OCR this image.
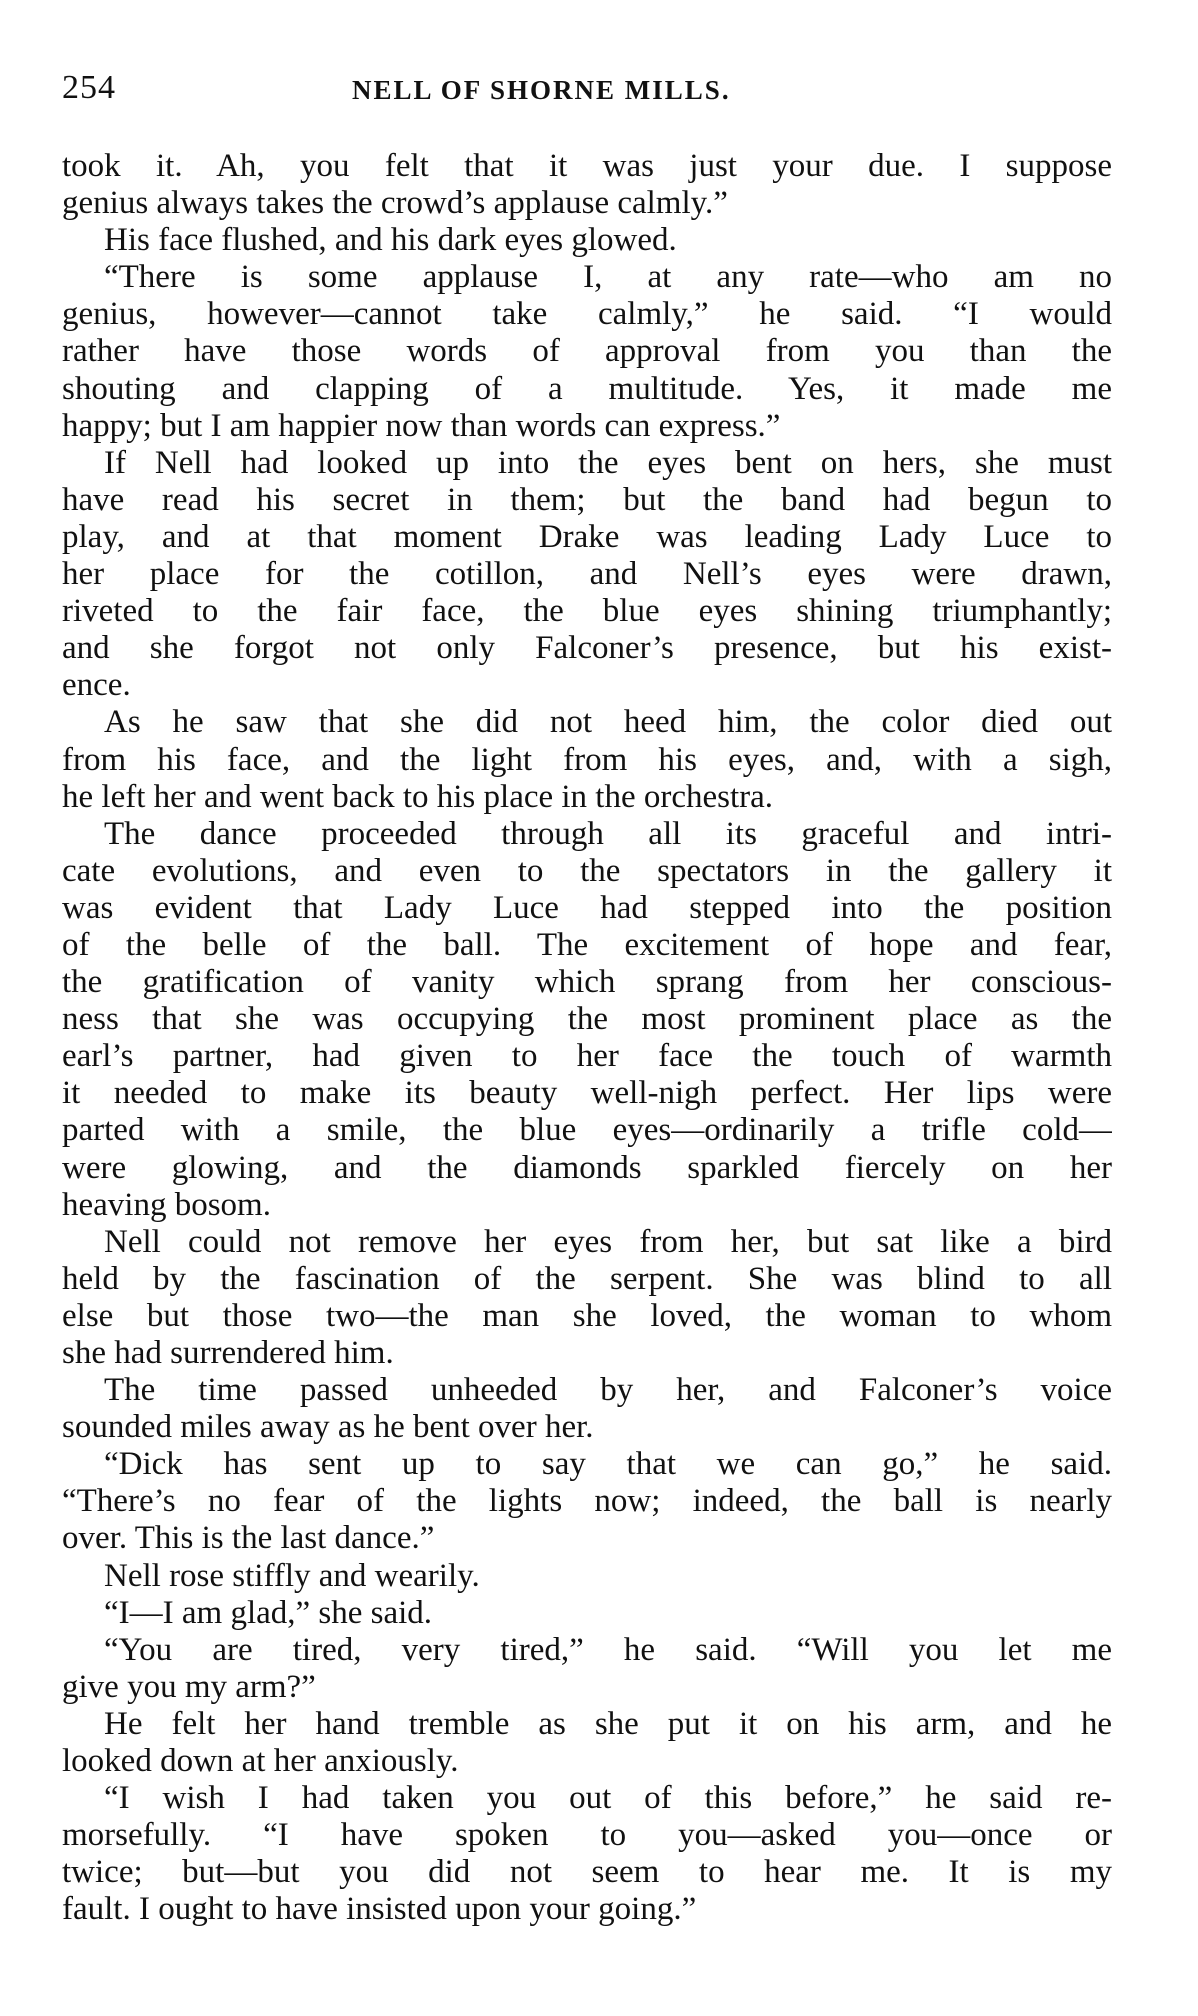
254	NELL OF SHORNE MILLS.
took it. Ah, you felt that it was just your due. I suppose
genius always takes the crowd’s applause calmly.”
His face flushed, and his dark eyes glowed.
“There is some applause I, at any rate—who am no
genius, however—cannot take calmly,” he said. “I would
rather have those words of approval from you than the
shouting and clapping of a multitude. Yes, it made me
happy; but I am happier now than words can express.”
If Nell had looked up into the eyes bent on hers, she must
have read his secret in them; but the band had begun to
play, and at that moment Drake was leading Lady Luce to
her place for the cotillon, and Nell’s eyes were drawn,
riveted to the fair face, the blue eyes shining triumphantly;
and she forgot not only Falconer’s presence, but his exist-
ence.
As he saw that she did not heed him, the color died out
from his face, and the light from his eyes, and, with a sigh,
he left her and went back to his place in the orchestra.
The dance proceeded through all its graceful and intri-
cate evolutions, and even to the spectators in the gallery it
was evident that Lady Luce had stepped into the position
of the belle of the ball. The excitement of hope and fear,
the gratification of vanity which sprang from her conscious-
ness that she was occupying the most prominent place as the
earl’s partner, had given to her face the touch of warmth
it needed to make its beauty well-nigh perfect. Her lips were
parted with a smile, the blue eyes—ordinarily a trifle cold—
were glowing, and the diamonds sparkled fiercely on her
heaving bosom.
Nell could not remove her eyes from her, but sat like a bird
held by the fascination of the serpent. She was blind to all
else but those two—the man she loved, the woman to whom
she had surrendered him.
The time passed unheeded by her, and Falconer’s voice
sounded miles away as he bent over her.
“Dick has sent up to say that we can go,” he said.
“There’s no fear of the lights now; indeed, the ball is nearly
over. This is the last dance.”
Nell rose stiffly and wearily.
“I—I am glad,” she said.
“You are tired, very tired,” he said. “Will you let me
give you my arm?”
He felt her hand tremble as she put it on his arm, and he
looked down at her anxiously.
“I wish I had taken you out of this before,” he said re-
morsefully. “I have spoken to you—asked you—once or
twice; but—but you did not seem to hear me. It is my
fault. I ought to have insisted upon your going.”
